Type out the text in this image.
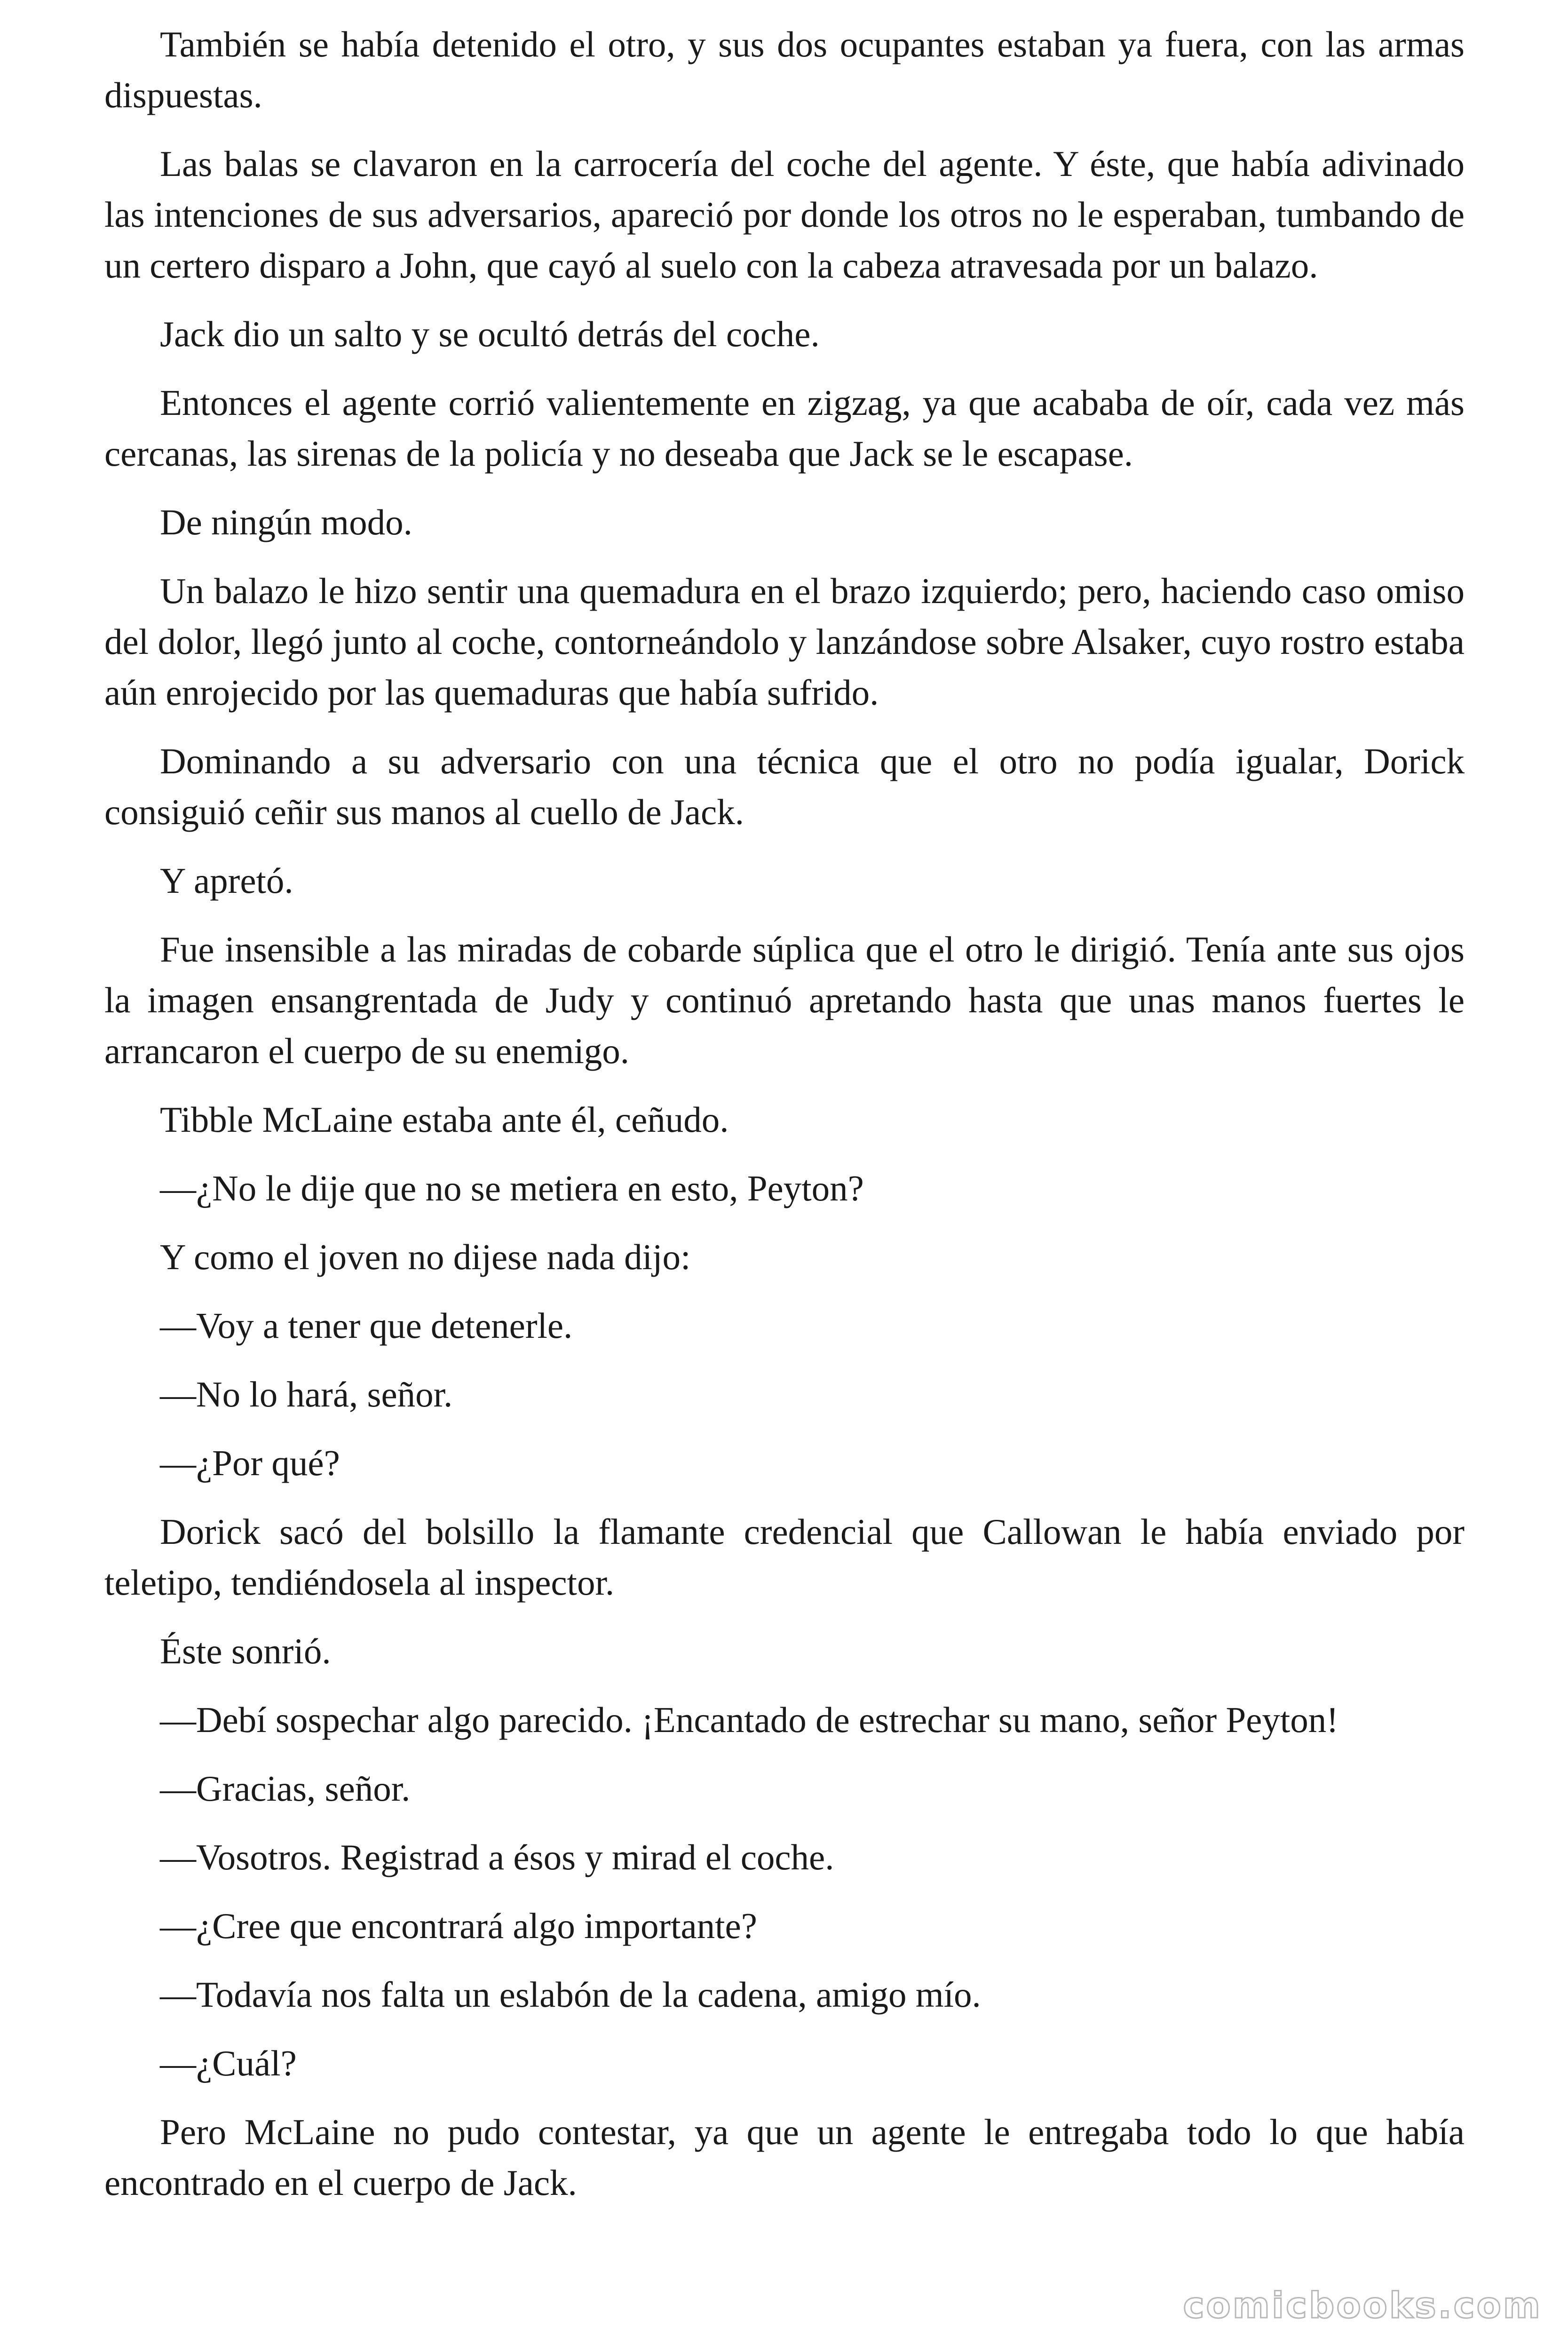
También se había detenido el otro, y sus dos ocupantes estaban ya fuera, con las armas dispuestas.

Las balas se clavaron en la carrocería del coche del agente. Y éste, que había adivinado las intenciones de sus adversarios, apareció por donde los otros no le esperaban, tumbando de un certero disparo a John, que cayó al suelo con la cabeza atravesada por un balazo.

Jack dio un salto y se ocultó detrás del coche.

Entonces el agente corrió valientemente en zigzag, ya que acababa de oír, cada vez más cercanas, las sirenas de la policía y no deseaba que Jack se le escapase.

De ningún modo.

Un balazo le hizo sentir una quemadura en el brazo izquierdo; pero, haciendo caso omiso del dolor, llegó junto al coche, contorneándolo y lanzándose sobre Alsaker, cuyo rostro estaba aún enrojecido por las quemaduras que había sufrido.

Dominando a su adversario con una técnica que el otro no podía igualar, Dorick consiguió ceñir sus manos al cuello de Jack.

Y apretó.

Fue insensible a las miradas de cobarde súplica que el otro le dirigió. Tenía ante sus ojos la imagen ensangrentada de Judy y continuó apretando hasta que unas manos fuertes le arrancaron el cuerpo de su enemigo.

Tibble McLaine estaba ante él, ceñudo.

—¿No le dije que no se metiera en esto, Peyton?

Y como el joven no dijese nada dijo:

—Voy a tener que detenerle.

—No lo hará, señor.

—¿Por qué?

Dorick sacó del bolsillo la flamante credencial que Callowan le había enviado por teletipo, tendiéndosela al inspector.

Éste sonrió.

—Debí sospechar algo parecido. ¡Encantado de estrechar su mano, señor Peyton!

—Gracias, señor.

—Vosotros. Registrad a ésos y mirad el coche.

—¿Cree que encontrará algo importante?

—Todavía nos falta un eslabón de la cadena, amigo mío.

—¿Cuál?

Pero McLaine no pudo contestar, ya que un agente le entregaba todo lo que había encontrado en el cuerpo de Jack.

comicbooks.com
